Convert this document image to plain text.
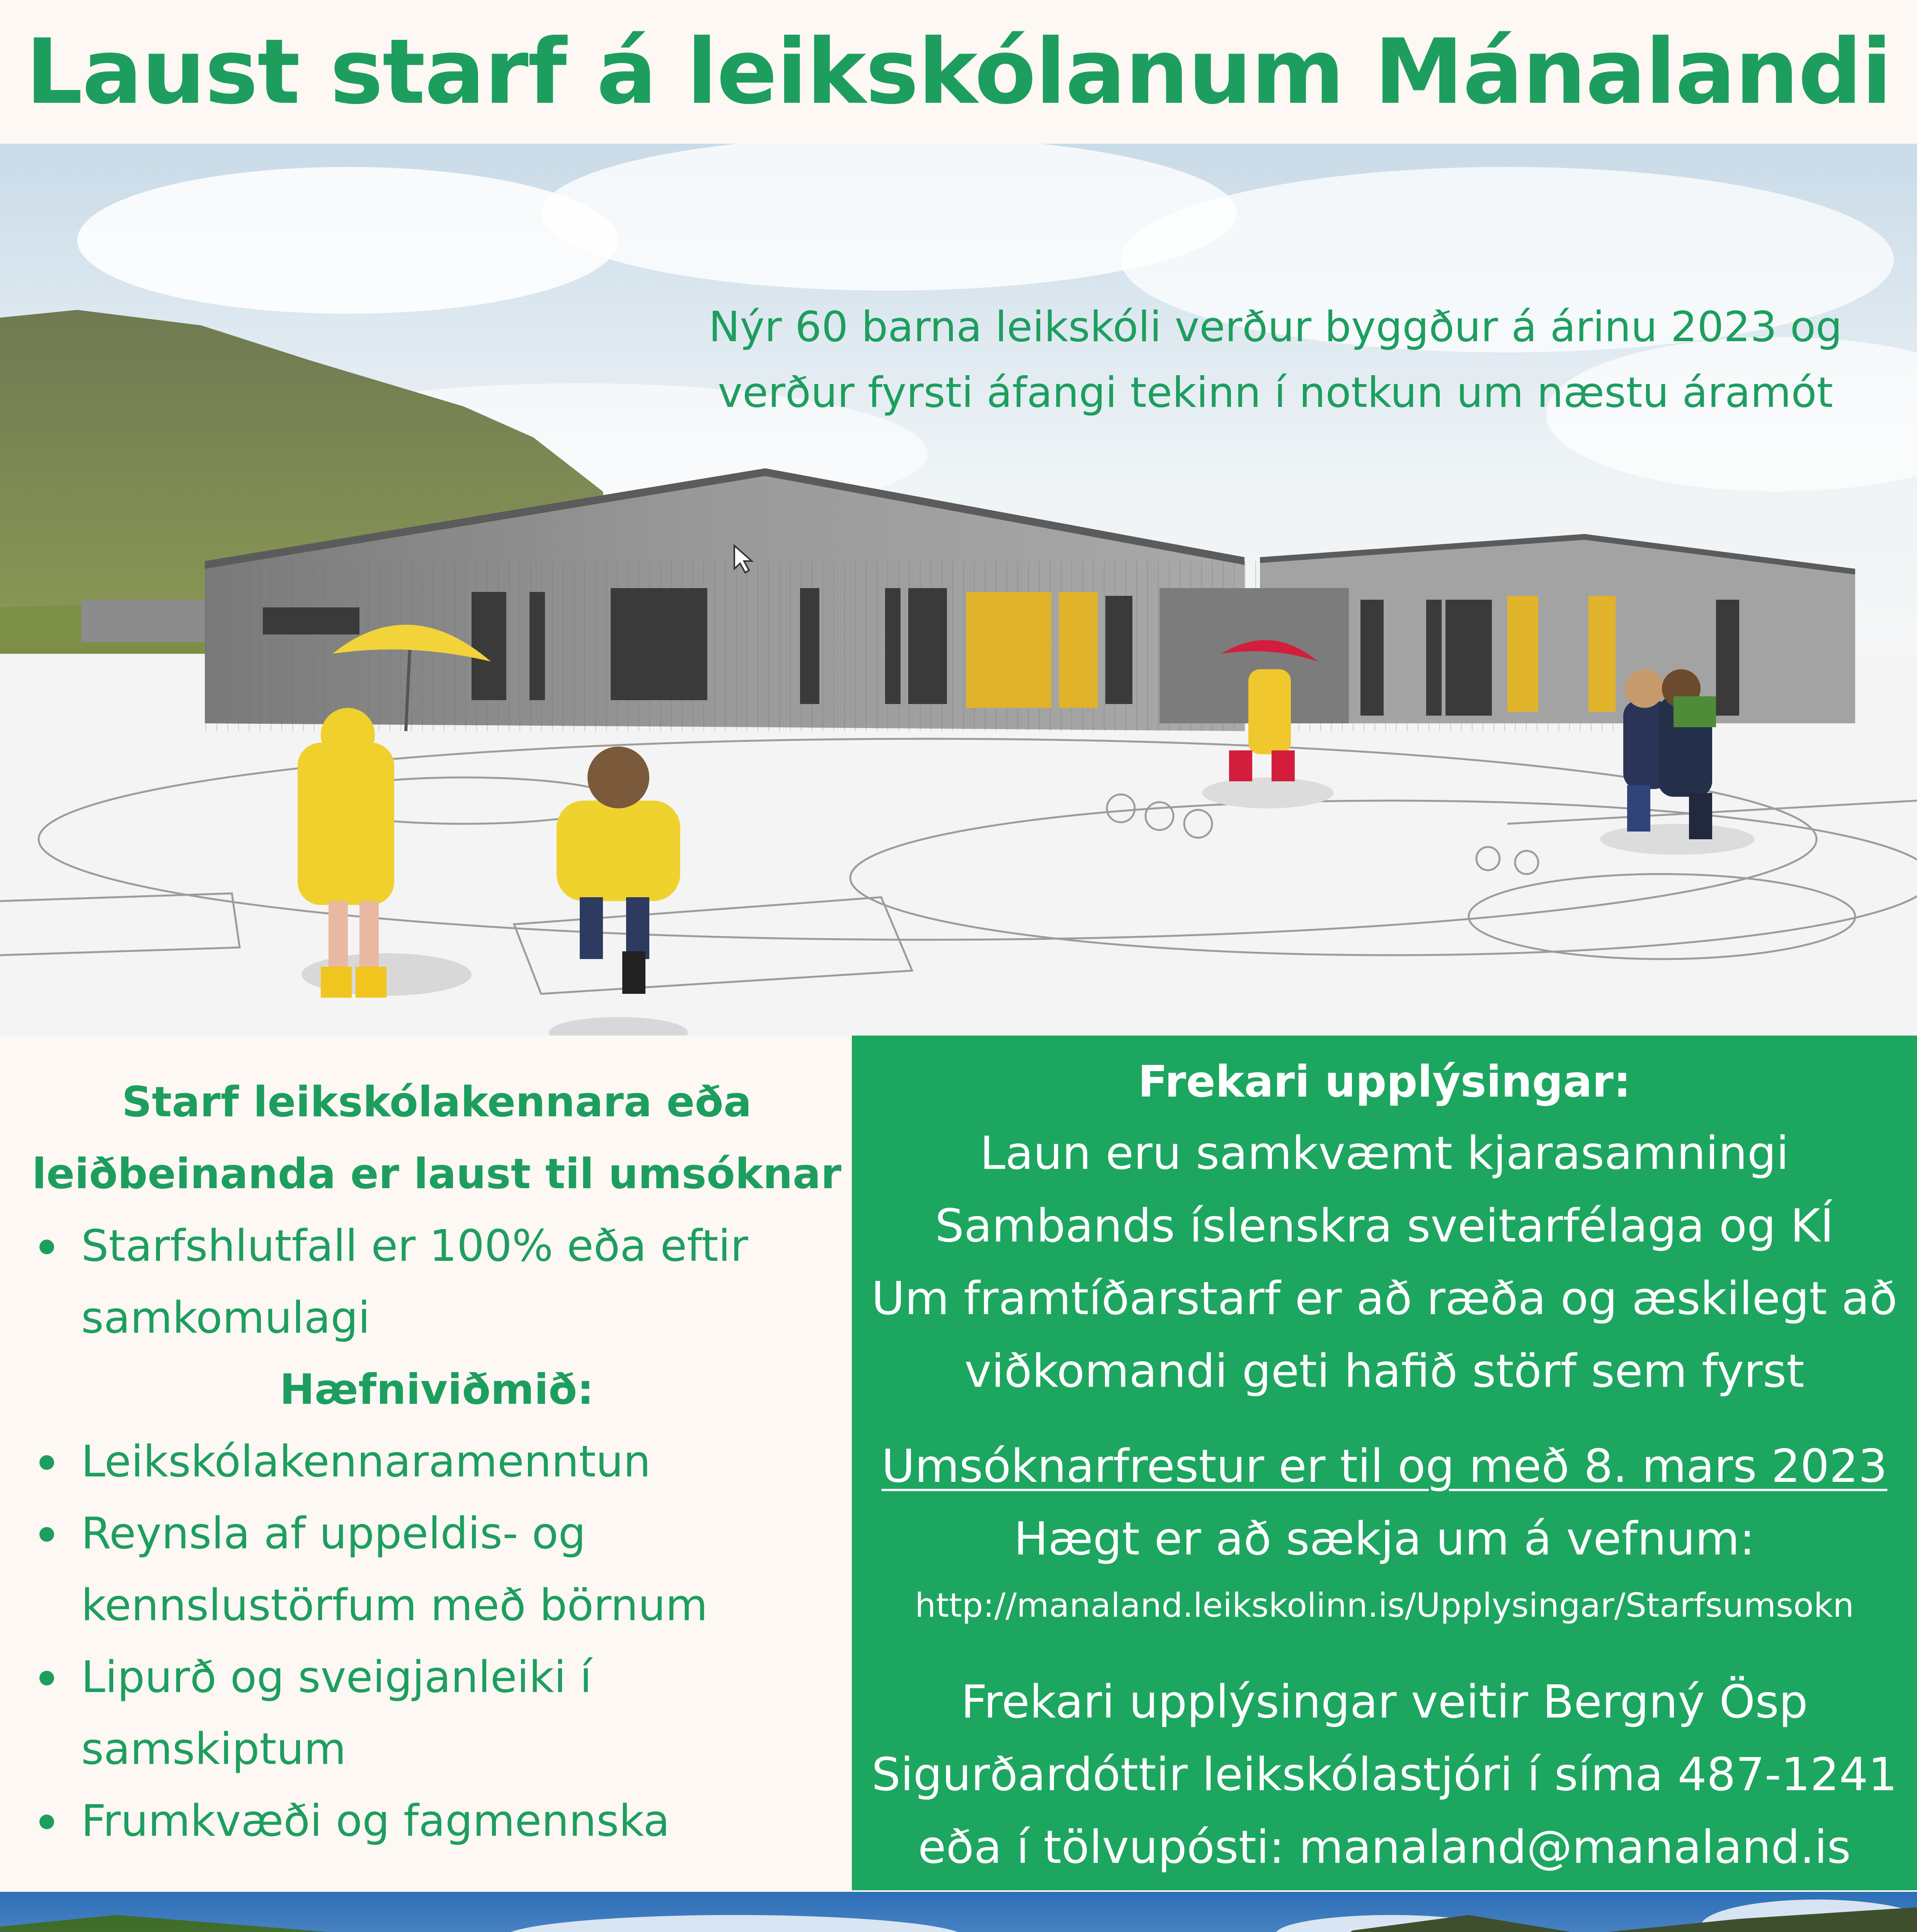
Laust starf á leikskólanum Mánalandi
Nýr 60 barna leikskóli verður byggður á árinu 2023 og
verður fyrsti áfangi tekinn í notkun um næstu áramót

Starf leikskólakennara eða
leiðbeinanda er laust til umsóknar

Starfshlutfall er 100% eða eftir
samkomulagi

Hæfniviðmið:

Leikskólakennaramenntun
Reynsla af uppeldis- og
kennslustörfum með börnum
Lipurð og sveigjanleiki í
samskiptum
Frumkvæði og fagmennska
Frekari upplýsingar:
Laun eru samkvæmt kjarasamningi
Sambands íslenskra sveitarfélaga og KÍ
Um framtíðarstarf er að ræða og æskilegt að
viðkomandi geti hafið störf sem fyrst
Umsóknarfrestur er til og með 8. mars 2023
Hægt er að sækja um á vefnum:
http://manaland.leikskolinn.is/Upplysingar/Starfsumsokn
Frekari upplýsingar veitir Bergný Ösp
Sigurðardóttir leikskólastjóri í síma 487-1241
eða í tölvupósti: manaland@manaland.is
